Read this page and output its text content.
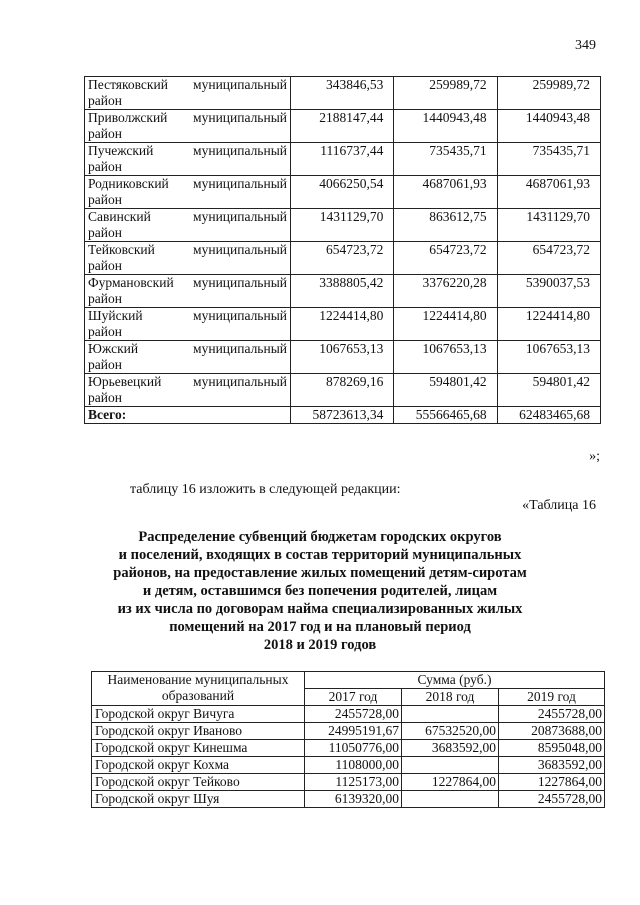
349
Пестяковский муниципальный
район	343846,53	259989,72	259989,72

Приволжский муниципальный
район	2188147,44	1440943,48	1440943,48

Пучежский муниципальный
район	1116737,44	735435,71	735435,71

Родниковский муниципальный
район	4066250,54	4687061,93	4687061,93

Савинский муниципальный
район	1431129,70	863612,75	1431129,70

Тейковский муниципальный
район	654723,72	654723,72	654723,72

Фурмановский муниципальный
район	3388805,42	3376220,28	5390037,53

Шуйский муниципальный
район	1224414,80	1224414,80	1224414,80

Южский муниципальный
район	1067653,13	1067653,13	1067653,13

Юрьевецкий муниципальный
район	878269,16	594801,42	594801,42
Всего:	58723613,34	55566465,68	62483465,68
»;
таблицу 16 изложить в следующей редакции:
«Таблица 16
Распределение субвенций бюджетам городских округов
и поселений, входящих в состав территорий муниципальных
районов, на предоставление жилых помещений детям-сиротам
и детям, оставшимся без попечения родителей, лицам
из их числа по договорам найма специализированных жилых
помещений на 2017 год и на плановый период
2018 и 2019 годов
Наименование муниципальных
образований	Сумма (руб.)		
	2017 год	2018 год	2019 год
Городской округ Вичуга	2455728,00		2455728,00
Городской округ Иваново	24995191,67	67532520,00	20873688,00
Городской округ Кинешма	11050776,00	3683592,00	8595048,00
Городской округ Кохма	1108000,00		3683592,00
Городской округ Тейково	1125173,00	1227864,00	1227864,00
Городской округ Шуя	6139320,00		2455728,00
